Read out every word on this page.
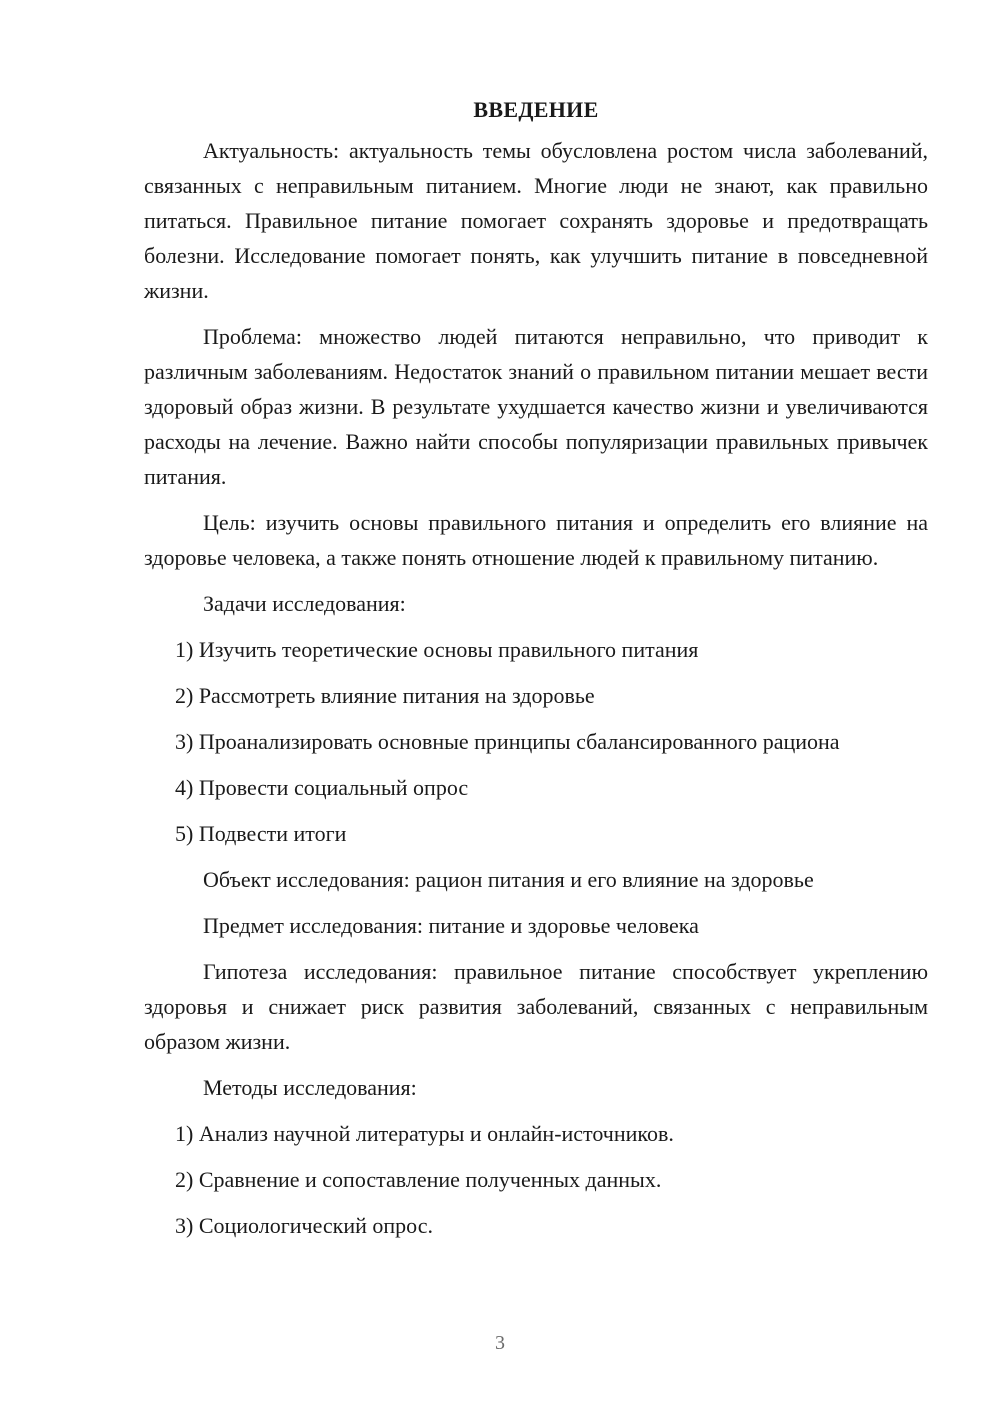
ВВЕДЕНИЕ
Актуальность: актуальность темы обусловлена ростом числа заболеваний, связанных с неправильным питанием. Многие люди не знают, как правильно питаться. Правильное питание помогает сохранять здоровье и предотвращать болезни. Исследование помогает понять, как улучшить питание в повседневной жизни.
Проблема: множество людей питаются неправильно, что приводит к различным заболеваниям. Недостаток знаний о правильном питании мешает вести здоровый образ жизни. В результате ухудшается качество жизни и увеличиваются расходы на лечение. Важно найти способы популяризации правильных привычек питания.
Цель: изучить основы правильного питания и определить его влияние на здоровье человека, а также понять отношение людей к правильному питанию.
Задачи исследования:
1) Изучить теоретические основы правильного питания
2) Рассмотреть влияние питания на здоровье
3) Проанализировать основные принципы сбалансированного рациона
4) Провести социальный опрос
5) Подвести итоги
Объект исследования: рацион питания и его влияние на здоровье
Предмет исследования: питание и здоровье человека
Гипотеза исследования: правильное питание способствует укреплению здоровья и снижает риск развития заболеваний, связанных с неправильным образом жизни.
Методы исследования:
1) Анализ научной литературы и онлайн-источников.
2) Сравнение и сопоставление полученных данных.
3) Социологический опрос.
3
